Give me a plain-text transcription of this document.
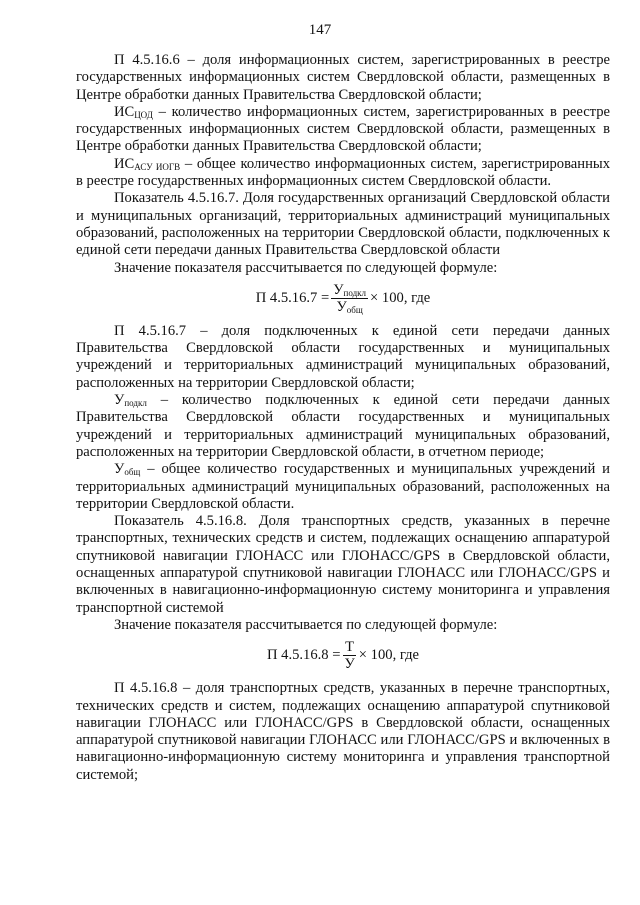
147

П 4.5.16.6 – доля информационных систем, зарегистрированных в реестре государственных информационных систем Свердловской области, размещенных в Центре обработки данных Правительства Свердловской области;

$ИС_{ЦОД}$ – количество информационных систем, зарегистрированных в реестре государственных информационных систем Свердловской области, размещенных в Центре обработки данных Правительства Свердловской области;

$ИС_{АСУ ИОГВ}$ – общее количество информационных систем, зарегистрированных в реестре государственных информационных систем Свердловской области.

Показатель 4.5.16.7. Доля государственных организаций Свердловской области и муниципальных организаций, территориальных администраций муниципальных образований, расположенных на территории Свердловской области, подключенных к единой сети передачи данных Правительства Свердловской области

Значение показателя рассчитывается по следующей формуле:

П $4.5.16.7 = \frac{У_{подкл}}{У_{общ}} \times 100$, где

П 4.5.16.7 – доля подключенных к единой сети передачи данных Правительства Свердловской области государственных и муниципальных учреждений и территориальных администраций муниципальных образований, расположенных на территории Свердловской области;

$У_{подкл}$ – количество подключенных к единой сети передачи данных Правительства Свердловской области государственных и муниципальных учреждений и территориальных администраций муниципальных образований, расположенных на территории Свердловской области, в отчетном периоде;

$У_{общ}$ – общее количество государственных и муниципальных учреждений и территориальных администраций муниципальных образований, расположенных на территории Свердловской области.

Показатель 4.5.16.8. Доля транспортных средств, указанных в перечне транспортных, технических средств и систем, подлежащих оснащению аппаратурой спутниковой навигации ГЛОНАСС или ГЛОНАСС/GPS в Свердловской области, оснащенных аппаратурой спутниковой навигации ГЛОНАСС или ГЛОНАСС/GPS и включенных в навигационно-информационную систему мониторинга и управления транспортной системой

Значение показателя рассчитывается по следующей формуле:

П $4.5.16.8 = \frac{Т}{У} \times 100$, где

П 4.5.16.8 – доля транспортных средств, указанных в перечне транспортных, технических средств и систем, подлежащих оснащению аппаратурой спутниковой навигации ГЛОНАСС или ГЛОНАСС/GPS в Свердловской области, оснащенных аппаратурой спутниковой навигации ГЛОНАСС или ГЛОНАСС/GPS и включенных в навигационно-информационную систему мониторинга и управления транспортной системой;
